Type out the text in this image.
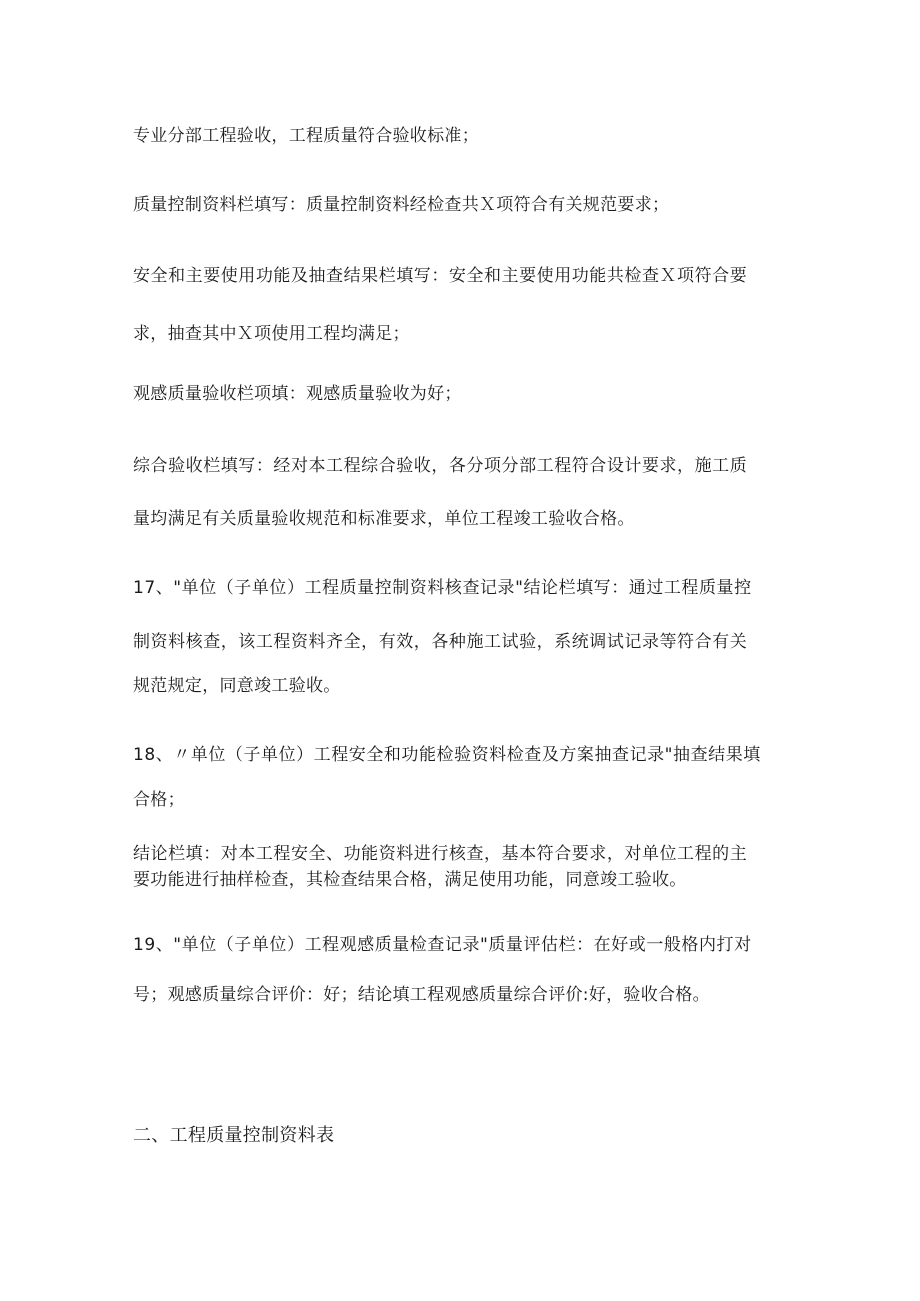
专业分部工程验收，工程质量符合验收标准；
质量控制资料栏填写：质量控制资料经检查共Ｘ项符合有关规范要求；
安全和主要使用功能及抽查结果栏填写：安全和主要使用功能共检查Ｘ项符合要
求，抽查其中Ｘ项使用工程均满足；
观感质量验收栏项填：观感质量验收为好；
综合验收栏填写：经对本工程综合验收，各分项分部工程符合设计要求，施工质
量均满足有关质量验收规范和标准要求，单位工程竣工验收合格。
17、"单位（子单位）工程质量控制资料核查记录"结论栏填写：通过工程质量控
制资料核查，该工程资料齐全，有效，各种施工试验，系统调试记录等符合有关
规范规定，同意竣工验收。
18、〃单位（子单位）工程安全和功能检验资料检查及方案抽查记录"抽查结果填
合格；
结论栏填：对本工程安全、功能资料进行核查，基本符合要求，对单位工程的主
要功能进行抽样检查，其检查结果合格，满足使用功能，同意竣工验收。
19、"单位（子单位）工程观感质量检查记录"质量评估栏：在好或一般格内打对
号；观感质量综合评价：好；结论填工程观感质量综合评价:好，验收合格。
二、工程质量控制资料表
